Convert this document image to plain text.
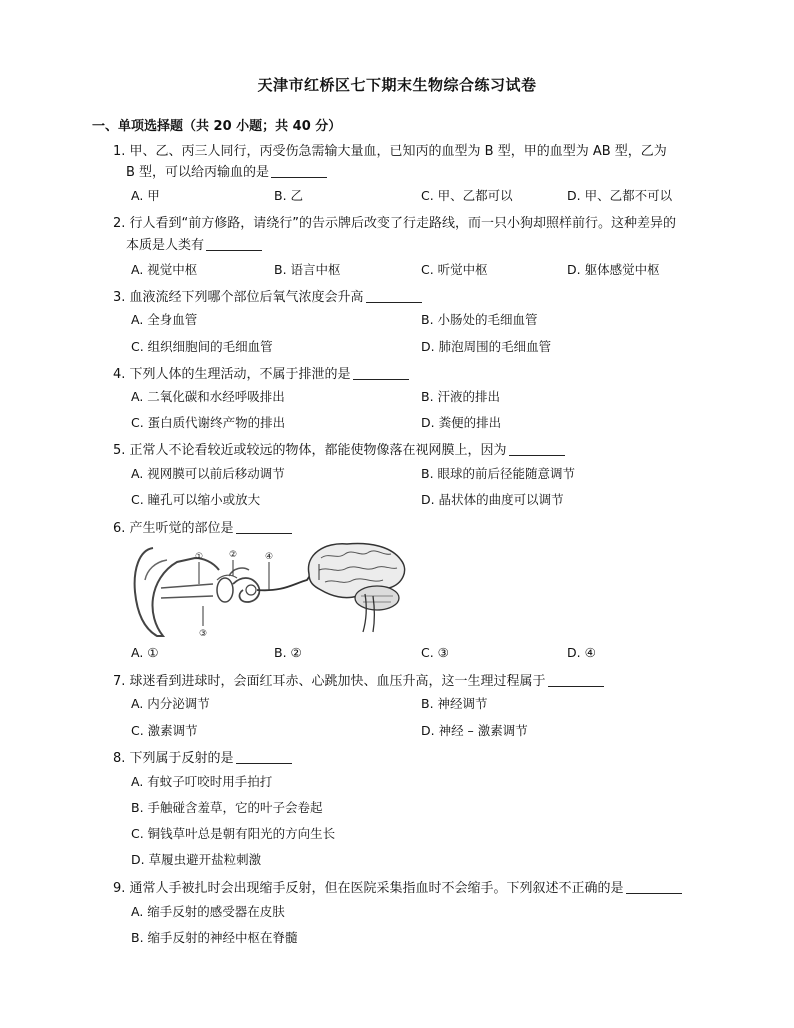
天津市红桥区七下期末生物综合练习试卷
一、单项选择题（共 20 小题；共 40 分）
1. 甲、乙、丙三人同行，丙受伤急需输大量血，已知丙的血型为 B 型，甲的血型为 AB 型，乙为
B 型，可以给丙输血的是
A. 甲	B. 乙	C. 甲、乙都可以	D. 甲、乙都不可以
2. 行人看到“前方修路，请绕行”的告示牌后改变了行走路线，而一只小狗却照样前行。这种差异的
本质是人类有
A. 视觉中枢	B. 语言中枢	C. 听觉中枢	D. 躯体感觉中枢
3. 血液流经下列哪个部位后氧气浓度会升高
A. 全身血管	B. 小肠处的毛细血管
C. 组织细胞间的毛细血管	D. 肺泡周围的毛细血管
4. 下列人体的生理活动，不属于排泄的是
A. 二氧化碳和水经呼吸排出	B. 汗液的排出
C. 蛋白质代谢终产物的排出	D. 粪便的排出
5. 正常人不论看较近或较远的物体，都能使物像落在视网膜上，因为
A. 视网膜可以前后移动调节	B. 眼球的前后径能随意调节
C. 瞳孔可以缩小或放大	D. 晶状体的曲度可以调节
6. 产生听觉的部位是
①	②
③
④
A. ①	B. ②	C. ③	D. ④
7. 球迷看到进球时，会面红耳赤、心跳加快、血压升高，这一生理过程属于
A. 内分泌调节	B. 神经调节
C. 激素调节	D. 神经 – 激素调节
8. 下列属于反射的是
A. 有蚊子叮咬时用手拍打
B. 手触碰含羞草，它的叶子会卷起
C. 铜钱草叶总是朝有阳光的方向生长
D. 草履虫避开盐粒刺激
9. 通常人手被扎时会出现缩手反射，但在医院采集指血时不会缩手。下列叙述不正确的是
A. 缩手反射的感受器在皮肤
B. 缩手反射的神经中枢在脊髓
